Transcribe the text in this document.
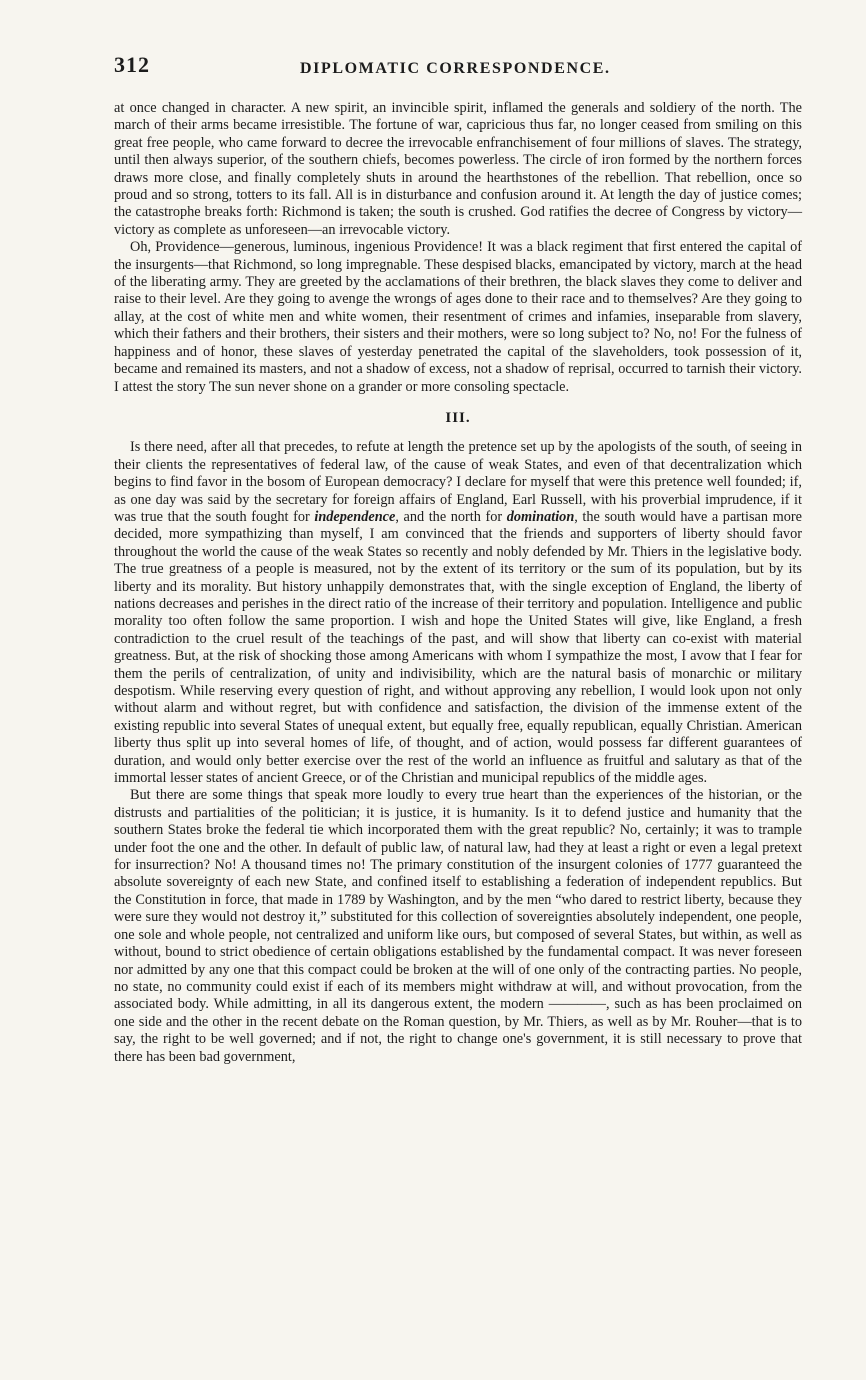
312	DIPLOMATIC CORRESPONDENCE.

at once changed in character. A new spirit, an invincible spirit, inflamed the generals and soldiery of the north. The march of their arms became irresistible. The fortune of war, capricious thus far, no longer ceased from smiling on this great free people, who came forward to decree the irrevocable enfranchisement of four millions of slaves. The strategy, until then always superior, of the southern chiefs, becomes powerless. The circle of iron formed by the northern forces draws more close, and finally completely shuts in around the hearthstones of the rebellion. That rebellion, once so proud and so strong, totters to its fall. All is in disturbance and confusion around it. At length the day of justice comes; the catastrophe breaks forth: Richmond is taken; the south is crushed. God ratifies the decree of Congress by victory—victory as complete as unforeseen—an irrevocable victory.

Oh, Providence—generous, luminous, ingenious Providence! It was a black regiment that first entered the capital of the insurgents—that Richmond, so long impregnable. These despised blacks, emancipated by victory, march at the head of the liberating army. They are greeted by the acclamations of their brethren, the black slaves they come to deliver and raise to their level. Are they going to avenge the wrongs of ages done to their race and to themselves? Are they going to allay, at the cost of white men and white women, their resentment of crimes and infamies, inseparable from slavery, which their fathers and their brothers, their sisters and their mothers, were so long subject to? No, no! For the fulness of happiness and of honor, these slaves of yesterday penetrated the capital of the slaveholders, took possession of it, became and remained its masters, and not a shadow of excess, not a shadow of reprisal, occurred to tarnish their victory. I attest the story The sun never shone on a grander or more consoling spectacle.

III.

Is there need, after all that precedes, to refute at length the pretence set up by the apologists of the south, of seeing in their clients the representatives of federal law, of the cause of weak States, and even of that decentralization which begins to find favor in the bosom of European democracy? I declare for myself that were this pretence well founded; if, as one day was said by the secretary for foreign affairs of England, Earl Russell, with his proverbial imprudence, if it was true that the south fought for independence, and the north for domination, the south would have a partisan more decided, more sympathizing than myself, I am convinced that the friends and supporters of liberty should favor throughout the world the cause of the weak States so recently and nobly defended by Mr. Thiers in the legislative body. The true greatness of a people is measured, not by the extent of its territory or the sum of its population, but by its liberty and its morality. But history unhappily demonstrates that, with the single exception of England, the liberty of nations decreases and perishes in the direct ratio of the increase of their territory and population. Intelligence and public morality too often follow the same proportion. I wish and hope the United States will give, like England, a fresh contradiction to the cruel result of the teachings of the past, and will show that liberty can co-exist with material greatness. But, at the risk of shocking those among Americans with whom I sympathize the most, I avow that I fear for them the perils of centralization, of unity and indivisibility, which are the natural basis of monarchic or military despotism. While reserving every question of right, and without approving any rebellion, I would look upon not only without alarm and without regret, but with confidence and satisfaction, the division of the immense extent of the existing republic into several States of unequal extent, but equally free, equally republican, equally Christian. American liberty thus split up into several homes of life, of thought, and of action, would possess far different guarantees of duration, and would only better exercise over the rest of the world an influence as fruitful and salutary as that of the immortal lesser states of ancient Greece, or of the Christian and municipal republics of the middle ages.

But there are some things that speak more loudly to every true heart than the experiences of the historian, or the distrusts and partialities of the politician; it is justice, it is humanity. Is it to defend justice and humanity that the southern States broke the federal tie which incorporated them with the great republic? No, certainly; it was to trample under foot the one and the other. In default of public law, of natural law, had they at least a right or even a legal pretext for insurrection? No! A thousand times no! The primary constitution of the insurgent colonies of 1777 guaranteed the absolute sovereignty of each new State, and confined itself to establishing a federation of independent republics. But the Constitution in force, that made in 1789 by Washington, and by the men “who dared to restrict liberty, because they were sure they would not destroy it,” substituted for this collection of sovereignties absolutely independent, one people, one sole and whole people, not centralized and uniform like ours, but composed of several States, but within, as well as without, bound to strict obedience of certain obligations established by the fundamental compact. It was never foreseen nor admitted by any one that this compact could be broken at the will of one only of the contracting parties. No people, no state, no community could exist if each of its members might withdraw at will, and without provocation, from the associated body. While admitting, in all its dangerous extent, the modern ————, such as has been proclaimed on one side and the other in the recent debate on the Roman question, by Mr. Thiers, as well as by Mr. Rouher—that is to say, the right to be well governed; and if not, the right to change one's government, it is still necessary to prove that there has been bad government,
